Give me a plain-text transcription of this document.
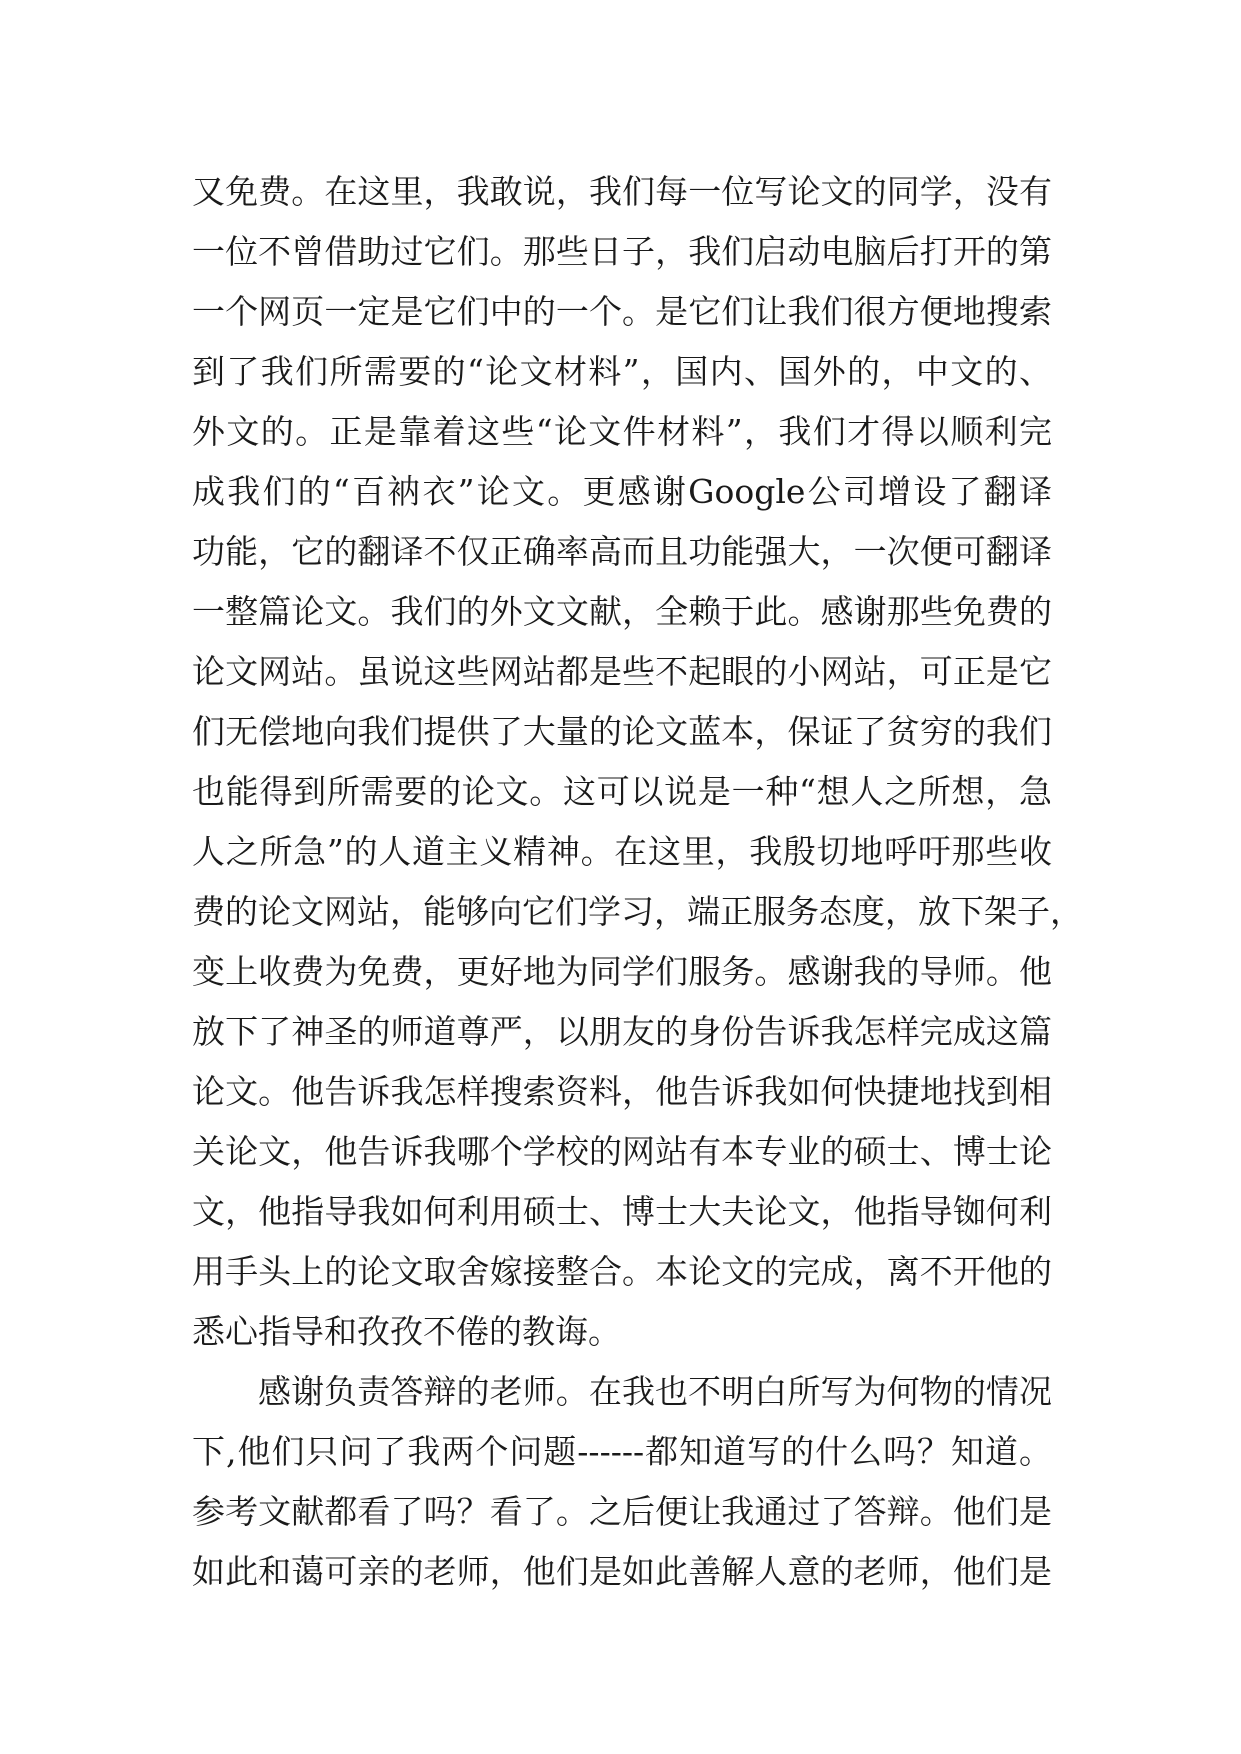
又免费。在这里，我敢说，我们每一位写论文的同学，没有
一位不曾借助过它们。那些日子，我们启动电脑后打开的第
一个网页一定是它们中的一个。是它们让我们很方便地搜索
到了我们所需要的“论文材料”，国内、国外的，中文的、
外文的。正是靠着这些“论文件材料”，我们才得以顺利完
成我们的“百衲衣”论文。更感谢Google公司增设了翻译
功能，它的翻译不仅正确率高而且功能强大，一次便可翻译
一整篇论文。我们的外文文献，全赖于此。感谢那些免费的
论文网站。虽说这些网站都是些不起眼的小网站，可正是它
们无偿地向我们提供了大量的论文蓝本，保证了贫穷的我们
也能得到所需要的论文。这可以说是一种“想人之所想，急
人之所急”的人道主义精神。在这里，我殷切地呼吁那些收
费的论文网站，能够向它们学习，端正服务态度，放下架子，
变上收费为免费，更好地为同学们服务。感谢我的导师。他
放下了神圣的师道尊严，以朋友的身份告诉我怎样完成这篇
论文。他告诉我怎样搜索资料，他告诉我如何快捷地找到相
关论文，他告诉我哪个学校的网站有本专业的硕士、博士论
文，他指导我如何利用硕士、博士大夫论文，他指导铷何利
用手头上的论文取舍嫁接整合。本论文的完成，离不开他的
悉心指导和孜孜不倦的教诲。
感谢负责答辩的老师。在我也不明白所写为何物的情况
下,他们只问了我两个问题------都知道写的什么吗？知道。
参考文献都看了吗？看了。之后便让我通过了答辩。他们是
如此和蔼可亲的老师，他们是如此善解人意的老师，他们是
